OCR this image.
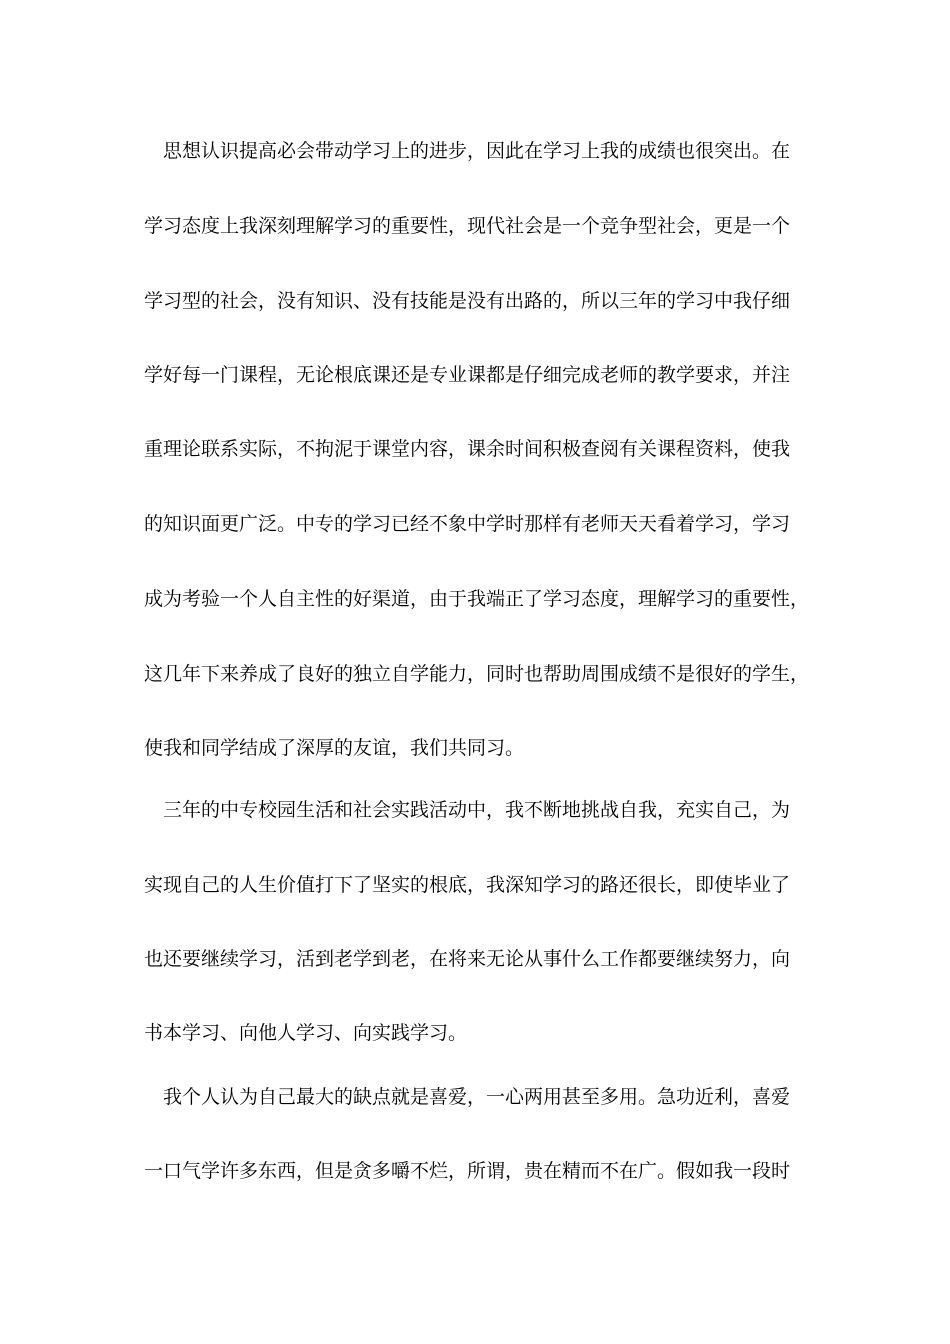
思想认识提高必会带动学习上的进步，因此在学习上我的成绩也很突出。在
学习态度上我深刻理解学习的重要性，现代社会是一个竞争型社会，更是一个
学习型的社会，没有知识、没有技能是没有出路的，所以三年的学习中我仔细
学好每一门课程，无论根底课还是专业课都是仔细完成老师的教学要求，并注
重理论联系实际，不拘泥于课堂内容，课余时间积极查阅有关课程资料，使我
的知识面更广泛。中专的学习已经不象中学时那样有老师天天看着学习，学习
成为考验一个人自主性的好渠道，由于我端正了学习态度，理解学习的重要性，
这几年下来养成了良好的独立自学能力，同时也帮助周围成绩不是很好的学生，
使我和同学结成了深厚的友谊，我们共同习。
三年的中专校园生活和社会实践活动中，我不断地挑战自我，充实自己，为
实现自己的人生价值打下了坚实的根底，我深知学习的路还很长，即使毕业了
也还要继续学习，活到老学到老，在将来无论从事什么工作都要继续努力，向
书本学习、向他人学习、向实践学习。
我个人认为自己最大的缺点就是喜爱，一心两用甚至多用。急功近利，喜爱
一口气学许多东西，但是贪多嚼不烂，所谓，贵在精而不在广。假如我一段时
